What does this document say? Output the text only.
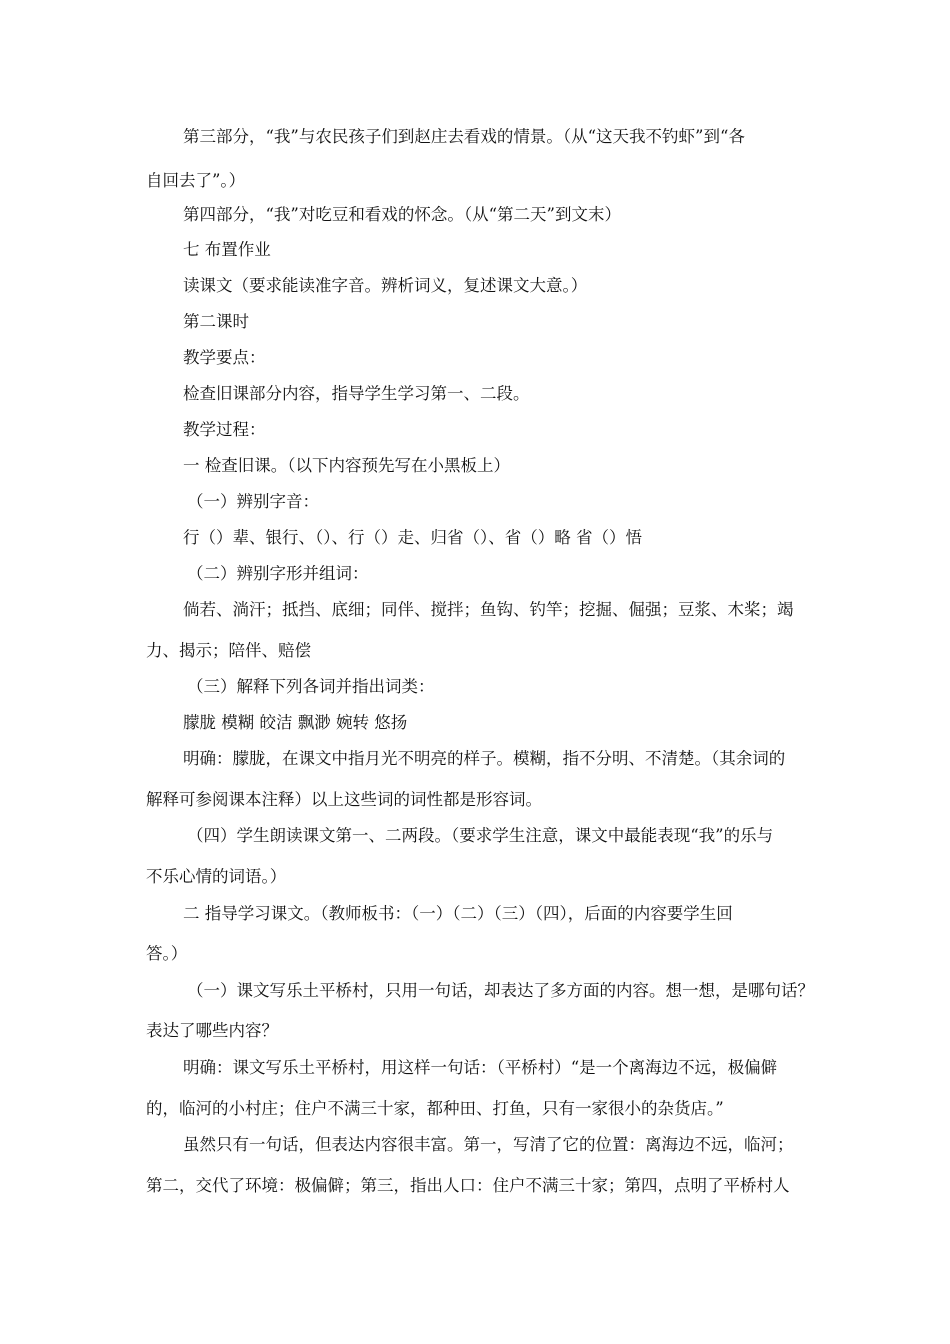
第三部分，“我”与农民孩子们到赵庄去看戏的情景。（从“这天我不钓虾”到“各
自回去了”。）
第四部分，“我”对吃豆和看戏的怀念。（从“第二天”到文末）
七 布置作业
读课文（要求能读准字音。辨析词义，复述课文大意。）
第二课时
教学要点：
检查旧课部分内容，指导学生学习第一、二段。
教学过程：
一 检查旧课。（以下内容预先写在小黑板上）
（一）辨别字音：
行（）辈、银行、（）、行（）走、归省（）、省（）略 省（）悟
（二）辨别字形并组词：
倘若、淌汗；抵挡、底细；同伴、搅拌；鱼钩、钓竿；挖掘、倔强；豆浆、木桨；竭
力、揭示；陪伴、赔偿
（三）解释下列各词并指出词类：
朦胧 模糊 皎洁 飘渺 婉转 悠扬
明确：朦胧，在课文中指月光不明亮的样子。模糊，指不分明、不清楚。（其余词的
解释可参阅课本注释）以上这些词的词性都是形容词。
（四）学生朗读课文第一、二两段。（要求学生注意，课文中最能表现“我”的乐与
不乐心情的词语。）
二 指导学习课文。（教师板书：（一）（二）（三）（四），后面的内容要学生回
答。）
（一）课文写乐土平桥村，只用一句话，却表达了多方面的内容。想一想，是哪句话？
表达了哪些内容？
明确：课文写乐土平桥村，用这样一句话：（平桥村）“是一个离海边不远，极偏僻
的，临河的小村庄；住户不满三十家，都种田、打鱼，只有一家很小的杂货店。”
虽然只有一句话，但表达内容很丰富。第一，写清了它的位置：离海边不远，临河；
第二，交代了环境：极偏僻；第三，指出人口：住户不满三十家；第四，点明了平桥村人
